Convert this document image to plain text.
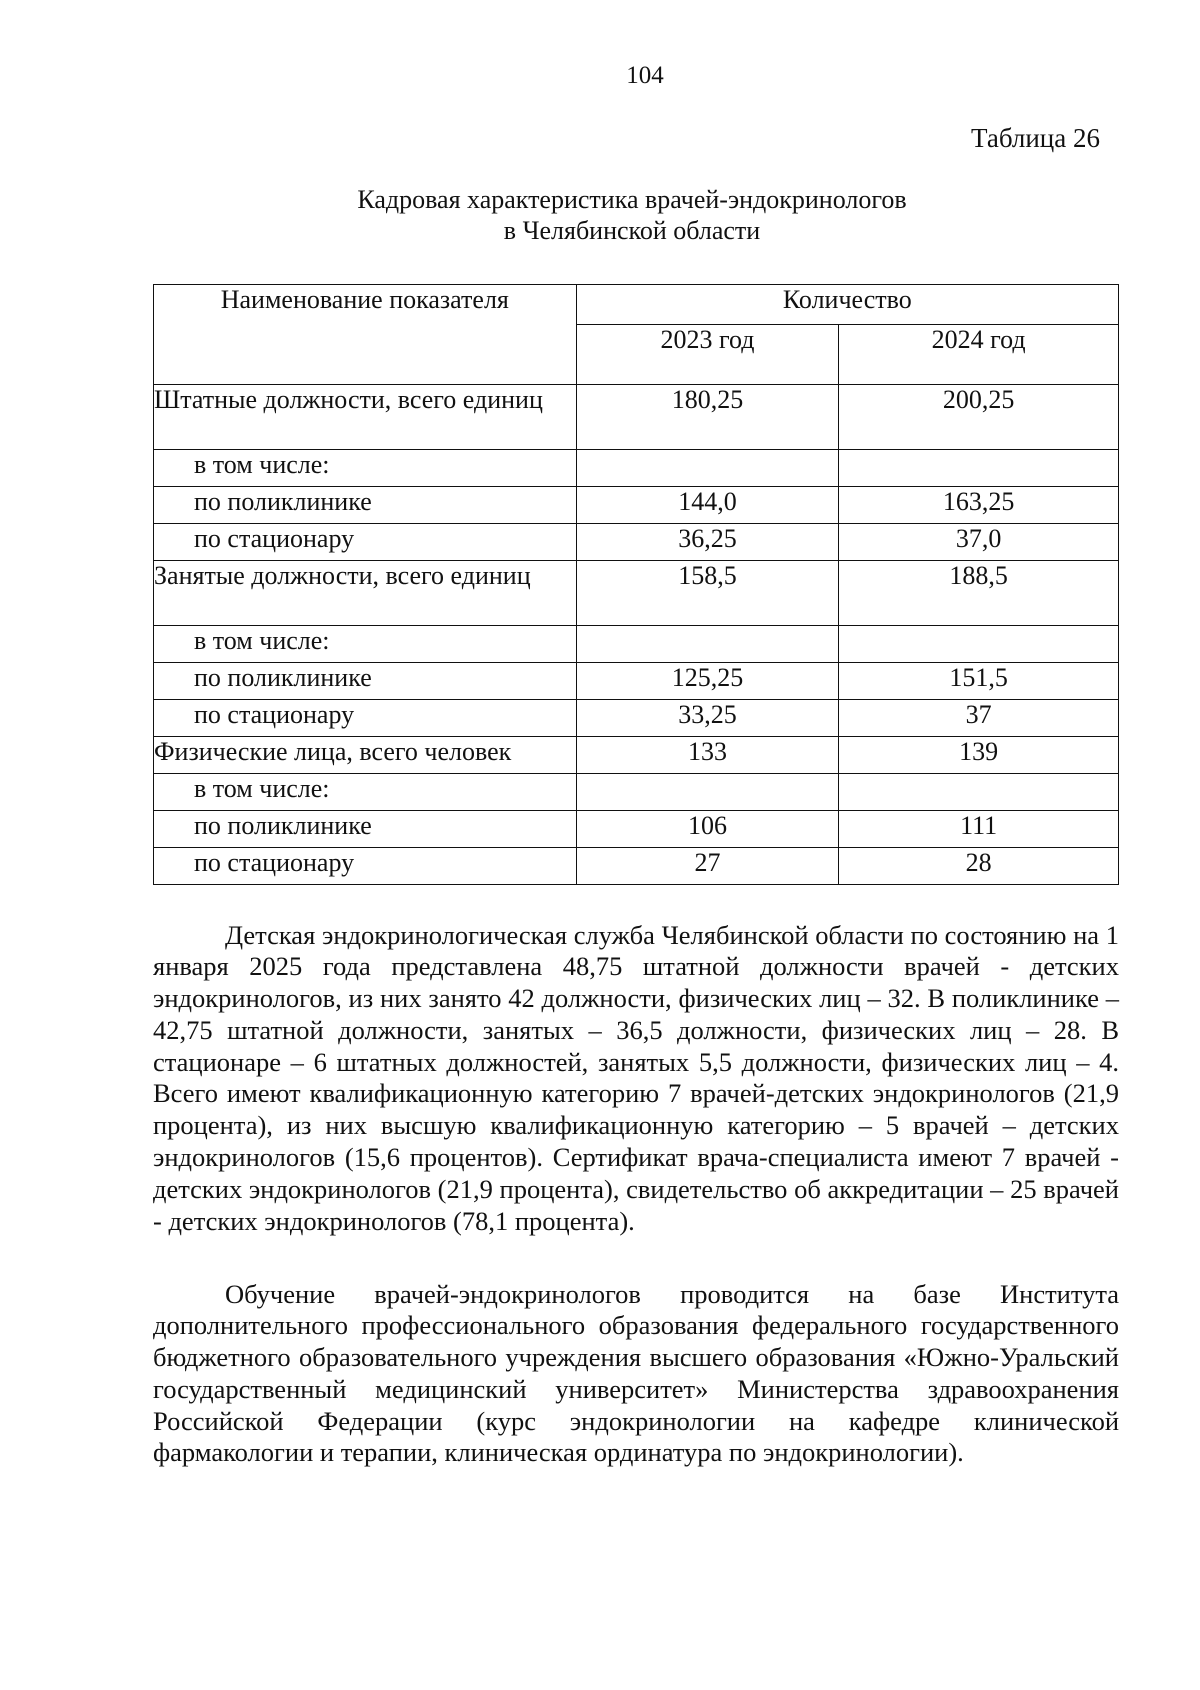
104
Таблица 26
Кадровая характеристика врачей-эндокринологов
в Челябинской области
Наименование показателя	Количество	
	2023 год	2024 год
Штатные должности, всего единиц	180,25	200,25
в том числе:		
по поликлинике	144,0	163,25
по стационару	36,25	37,0
Занятые должности, всего единиц	158,5	188,5
в том числе:		
по поликлинике	125,25	151,5
по стационару	33,25	37
Физические лица, всего человек	133	139
в том числе:		
по поликлинике	106	111
по стационару	27	28

Детская эндокринологическая служба Челябинской области по состоянию на 1 января 2025 года представлена 48,75 штатной должности врачей - детских эндокринологов, из них занято 42 должности, физических лиц – 32. В поликлинике – 42,75 штатной должности, занятых – 36,5 должности, физических лиц – 28. В стационаре – 6 штатных должностей, занятых 5,5 должности, физических лиц – 4. Всего имеют квалификационную категорию 7 врачей-детских эндокринологов (21,9 процента), из них высшую квалификационную категорию – 5 врачей – детских эндокринологов (15,6 процентов). Сертификат врача-специалиста имеют 7 врачей - детских эндокринологов (21,9 процента), свидетельство об аккредитации – 25 врачей - детских эндокринологов (78,1 процента).

Обучение врачей-эндокринологов проводится на базе Института дополнительного профессионального образования федерального государственного бюджетного образовательного учреждения высшего образования «Южно-Уральский государственный медицинский университет» Министерства здравоохранения Российской Федерации (курс эндокринологии на кафедре клинической фармакологии и терапии, клиническая ординатура по эндокринологии).
